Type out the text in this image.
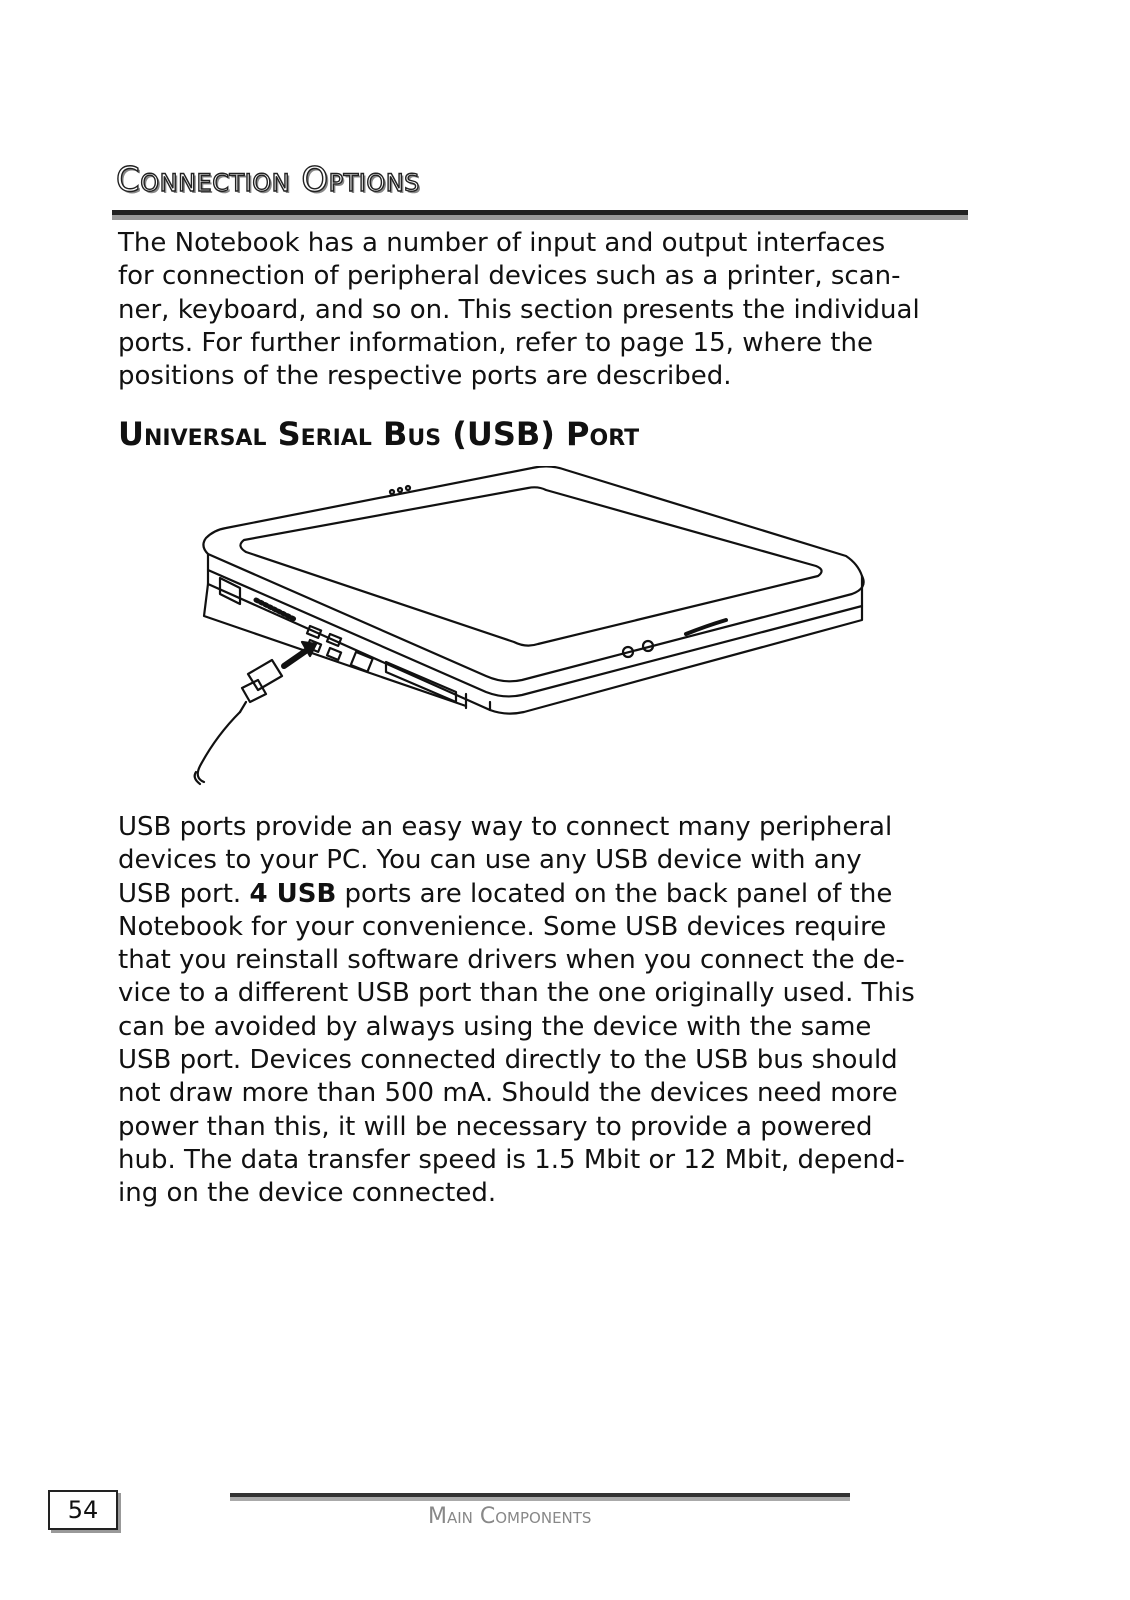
Connection Options

The Notebook has a number of input and output interfaces
for connection of peripheral devices such as a printer, scan-
ner, keyboard, and so on. This section presents the individual
ports. For further information, refer to page 15, where the
positions of the respective ports are described.

Universal Serial Bus (USB) Port

USB ports provide an easy way to connect many peripheral
devices to your PC. You can use any USB device with any
USB port. 4 USB ports are located on the back panel of the
Notebook for your convenience. Some USB devices require
that you reinstall software drivers when you connect the de-
vice to a different USB port than the one originally used. This
can be avoided by always using the device with the same
USB port. Devices connected directly to the USB bus should
not draw more than 500 mA. Should the devices need more
power than this, it will be necessary to provide a powered
hub. The data transfer speed is 1.5 Mbit or 12 Mbit, depend-
ing on the device connected.

54	Main Components
